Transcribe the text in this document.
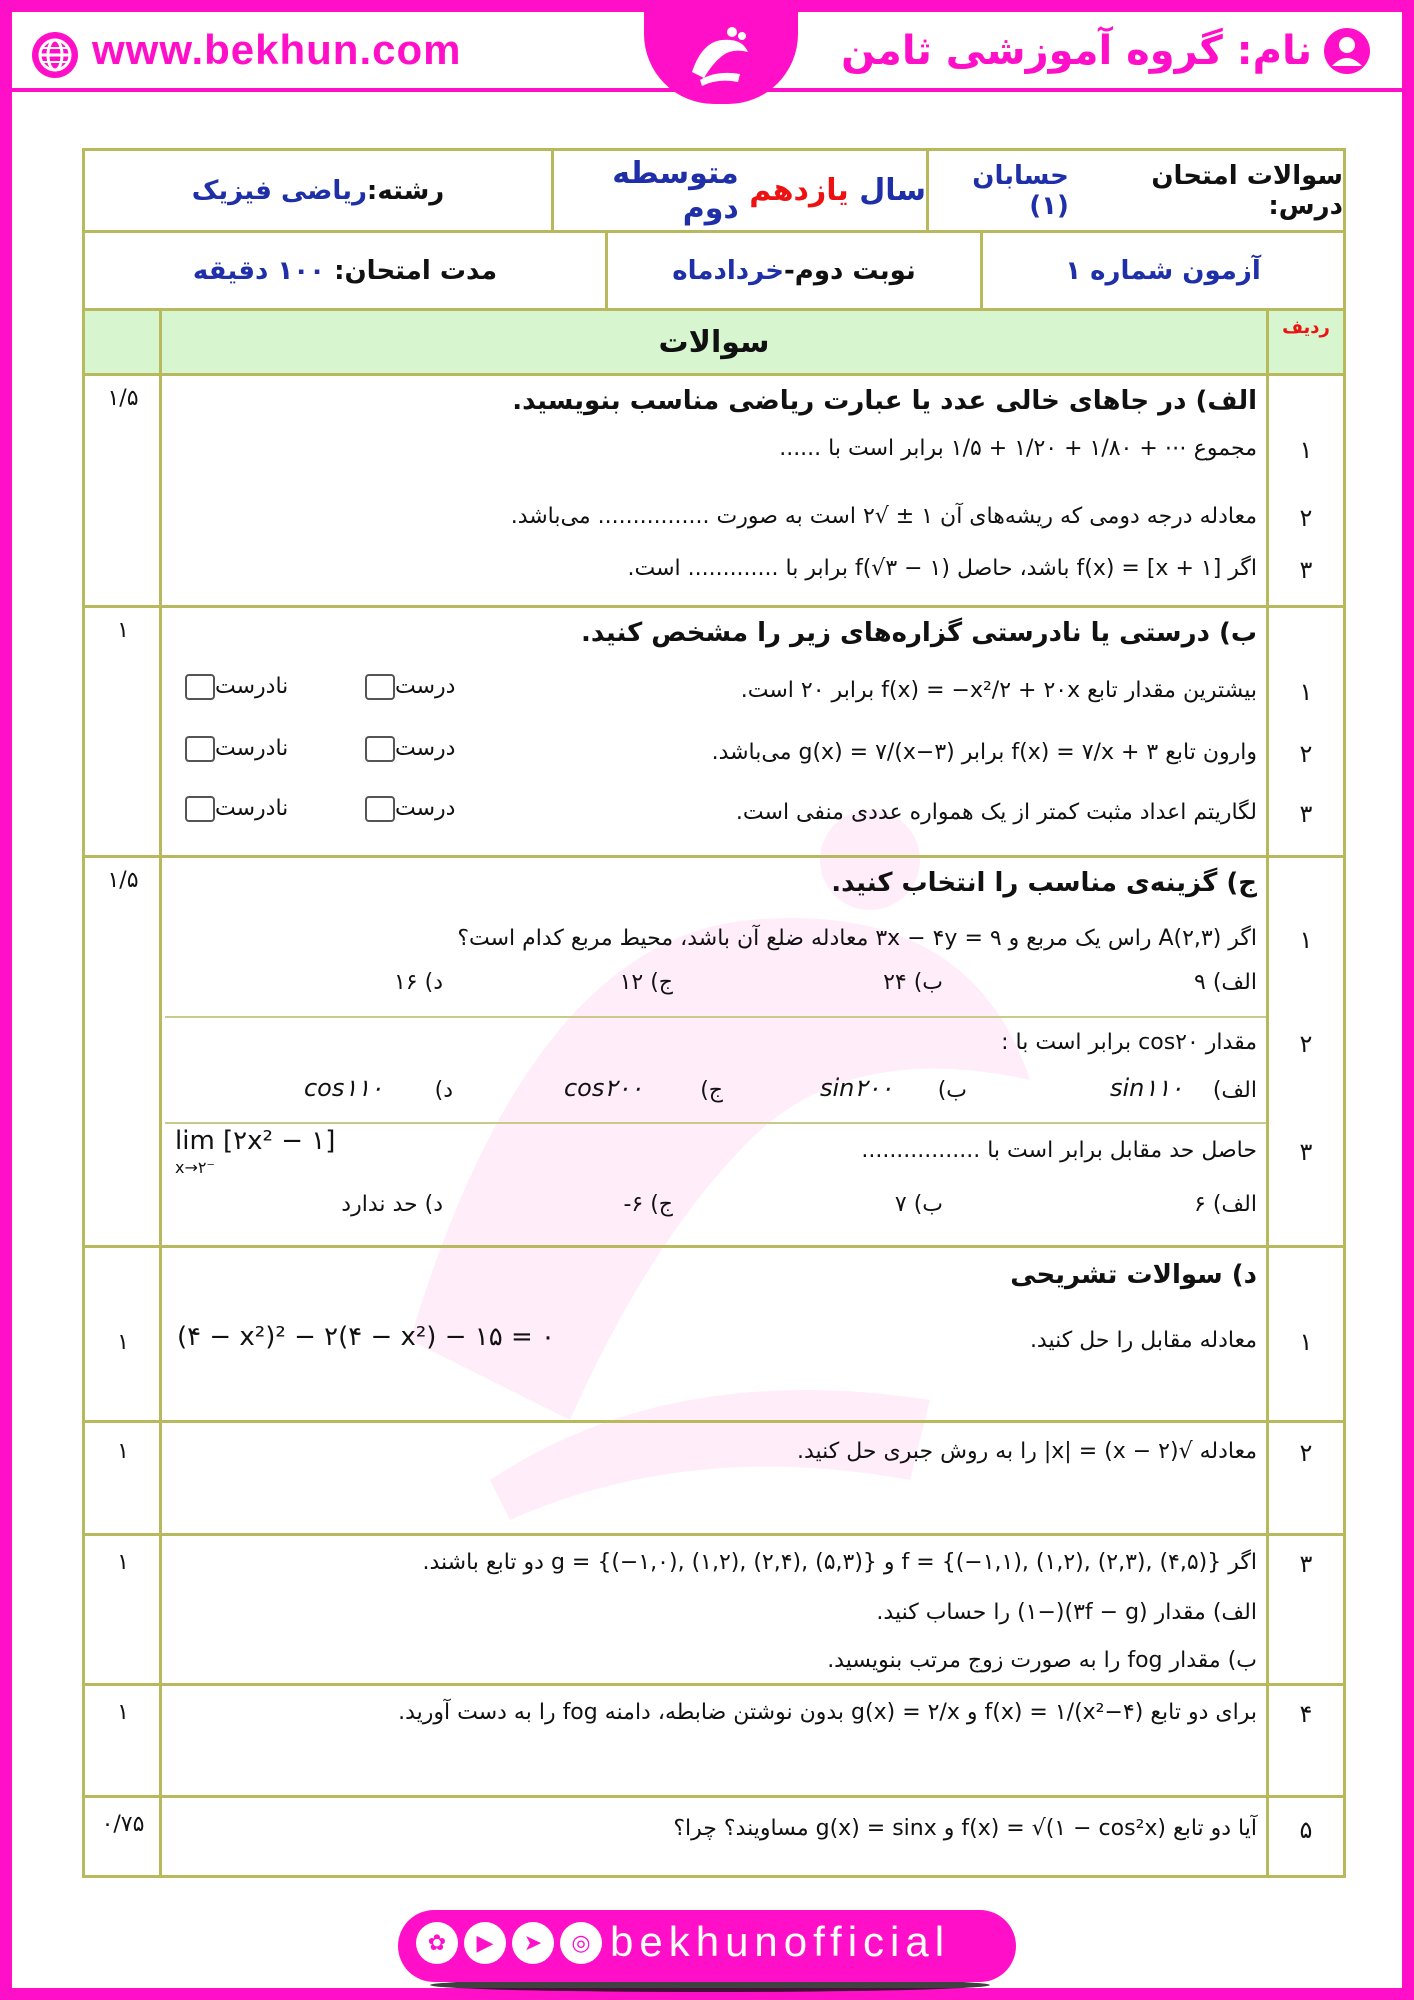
www.bekhun.com	نام: گروه آموزشی ثامن
سوالات امتحان درس:

حسابان (۱)
سال

یازدهم

متوسطه دوم
رشته:
ریاضی فیزیک
آزمون شماره ۱
نوبت دوم
-
خردادماه
مدت امتحان:

۱۰۰ دقیقه
ردیف
سوالات
۱/۵	الف) در جاهای خالی عدد یا عبارت ریاضی مناسب بنویسید.
۱
مجموع ⋯ + ۱/۸۰ + ۱/۲۰ + ۱/۵ برابر است با ......
۲
معادله درجه دومی که ریشه‌های آن ۱ ± √۲ است به صورت ................ می‌باشد.
۳
اگر f(x) = [x + ۱] باشد، حاصل f(√۳ − ۱) برابر با ............. است.
۱	ب) درستی یا نادرستی گزاره‌های زیر را مشخص کنید.
۱
بیشترین مقدار تابع f(x) = −x²/۲ + ۲۰x برابر ۲۰ است.
درست
نادرست
۲
وارون تابع f(x) = ۷/x + ۳ برابر g(x) = ۷/(x−۳) می‌باشد.
درست
نادرست
۳
لگاریتم اعداد مثبت کمتر از یک همواره عددی منفی است.
درست
نادرست
۱/۵	ج) گزینه‌ی مناسب را انتخاب کنید.
۱
اگر A(۲,۳) راس یک مربع و ۳x − ۴y = ۹ معادله ضلع آن باشد، محیط مربع کدام است؟
الف) ۹
ب) ۲۴
ج) ۱۲
د) ۱۶
۲
مقدار cos۲۰ برابر است با :
الف)
sin۱۱۰
ب)
sin۲۰۰
ج)
cos۲۰۰
د)
cos۱۱۰
۳
حاصل حد مقابل برابر است با .................
lim [۲x² − ۱]
x→۲⁻
الف) ۶
ب) ۷
ج) ۶-
د) حد ندارد
د) سوالات تشریحی
۱	۱
معادله مقابل را حل کنید.
(۴ − x²)² − ۲(۴ − x²) − ۱۵ = ۰
۱	۲
معادله √(۲ − x) = |x| را به روش جبری حل کنید.
۱	۳
اگر f = {(−۱,۱), (۱,۲), (۲,۳), (۴,۵)} و g = {(−۱,۰), (۱,۲), (۲,۴), (۵,۳)} دو تابع باشند.
الف) مقدار (۳f − g)(−۱) را حساب کنید.
ب) مقدار fog را به صورت زوج مرتب بنویسید.
۱	۴
برای دو تابع f(x) = ۱/(x²−۴) و g(x) = ۲/x بدون نوشتن ضابطه، دامنه fog را به دست آورید.
۰/۷۵	۵
آیا دو تابع f(x) = √(۱ − cos²x) و g(x) = sinx مساویند؟ چرا؟
✿	▶	➤	◎ bekhunofficial
